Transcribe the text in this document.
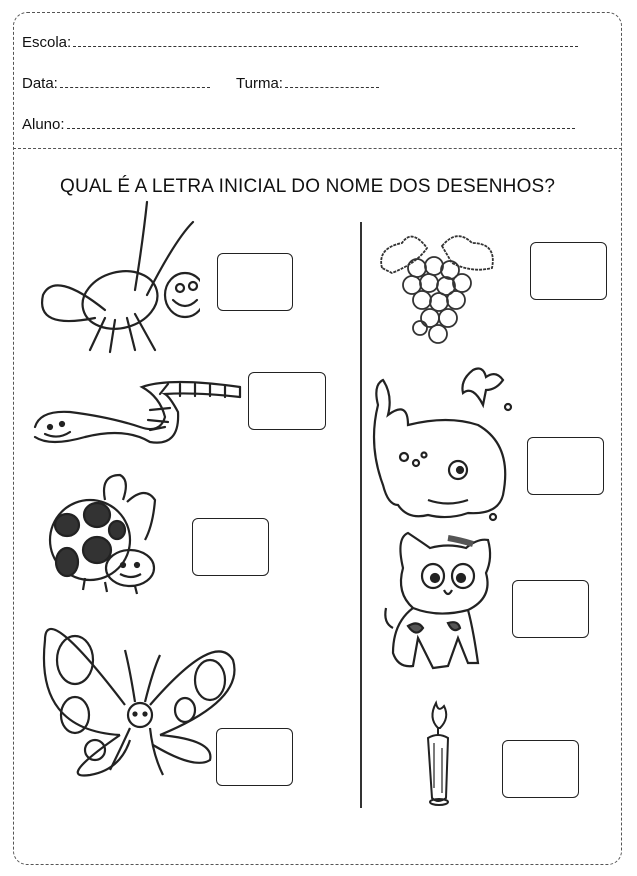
Escola:
Data:	Turma:
Aluno:
QUAL É A LETRA INICIAL DO NOME DOS DESENHOS?
